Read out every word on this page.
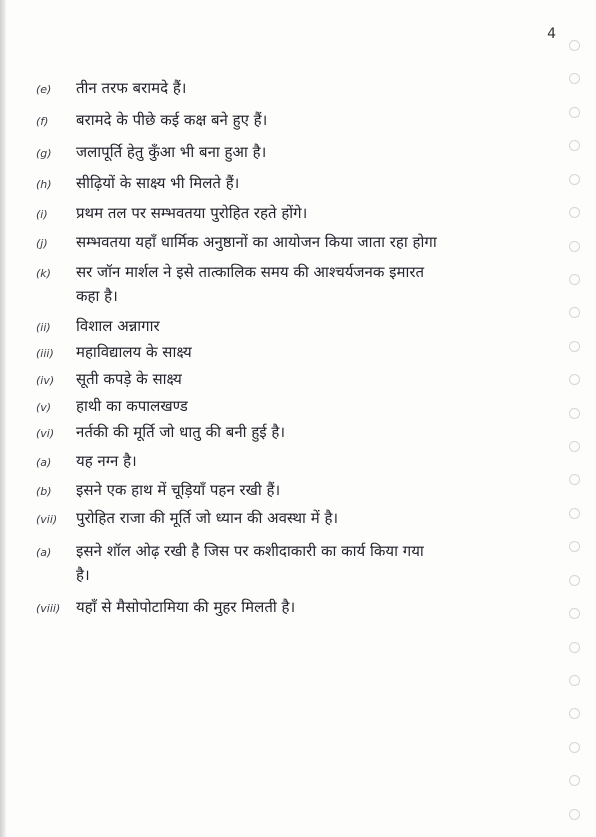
4
(e)	तीन तरफ बरामदे हैं।
(f)	बरामदे के पीछे कई कक्ष बने हुए हैं।
(g)	जलापूर्ति हेतु कुँआ भी बना हुआ है।
(h)	सीढ़ियों के साक्ष्य भी मिलते हैं।
(i)	प्रथम तल पर सम्भवतया पुरोहित रहते होंगे।
(j)	सम्भवतया यहाँ धार्मिक अनुष्ठानों का आयोजन किया जाता रहा होगा
(k)	सर जॉन मार्शल ने इसे तात्कालिक समय की आश्चर्यजनक इमारत
कहा है।
(ii)	विशाल अन्नागार
(iii)	महाविद्यालय के साक्ष्य
(iv)	सूती कपड़े के साक्ष्य
(v)	हाथी का कपालखण्ड
(vi)	नर्तकी की मूर्ति जो धातु की बनी हुई है।
(a)	यह नग्न है।
(b)	इसने एक हाथ में चूड़ियाँ पहन रखी हैं।
(vii)	पुरोहित राजा की मूर्ति जो ध्यान की अवस्था में है।
(a)	इसने शॉल ओढ़ रखी है जिस पर कशीदाकारी का कार्य किया गया
है।
(viii)	यहाँ से मैसोपोटामिया की मुहर मिलती है।
